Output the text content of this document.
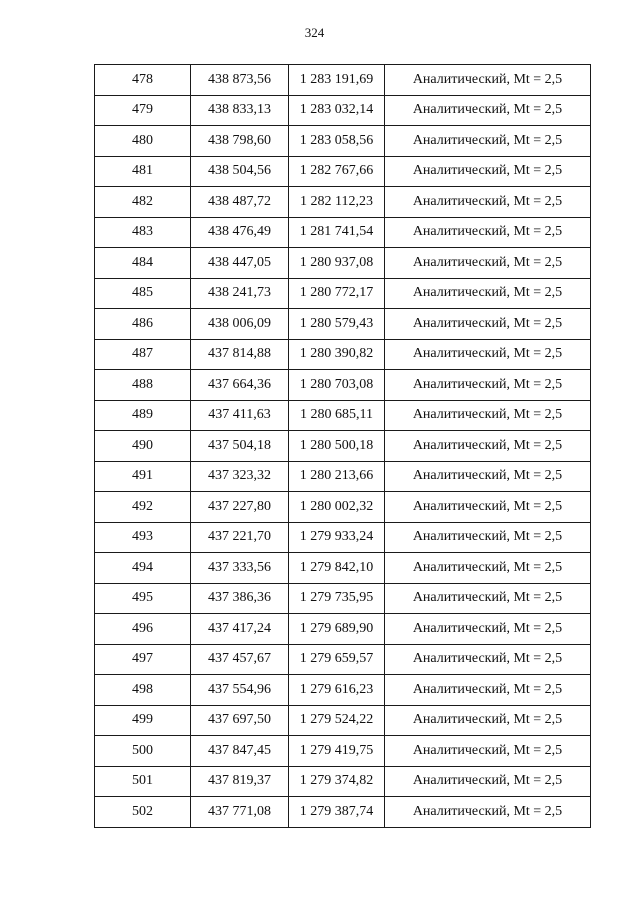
324
478	438 873,56	1 283 191,69	Аналитический, Mt = 2,5
479	438 833,13	1 283 032,14	Аналитический, Mt = 2,5
480	438 798,60	1 283 058,56	Аналитический, Mt = 2,5
481	438 504,56	1 282 767,66	Аналитический, Mt = 2,5
482	438 487,72	1 282 112,23	Аналитический, Mt = 2,5
483	438 476,49	1 281 741,54	Аналитический, Mt = 2,5
484	438 447,05	1 280 937,08	Аналитический, Mt = 2,5
485	438 241,73	1 280 772,17	Аналитический, Mt = 2,5
486	438 006,09	1 280 579,43	Аналитический, Mt = 2,5
487	437 814,88	1 280 390,82	Аналитический, Mt = 2,5
488	437 664,36	1 280 703,08	Аналитический, Mt = 2,5
489	437 411,63	1 280 685,11	Аналитический, Mt = 2,5
490	437 504,18	1 280 500,18	Аналитический, Mt = 2,5
491	437 323,32	1 280 213,66	Аналитический, Mt = 2,5
492	437 227,80	1 280 002,32	Аналитический, Mt = 2,5
493	437 221,70	1 279 933,24	Аналитический, Mt = 2,5
494	437 333,56	1 279 842,10	Аналитический, Mt = 2,5
495	437 386,36	1 279 735,95	Аналитический, Mt = 2,5
496	437 417,24	1 279 689,90	Аналитический, Mt = 2,5
497	437 457,67	1 279 659,57	Аналитический, Mt = 2,5
498	437 554,96	1 279 616,23	Аналитический, Mt = 2,5
499	437 697,50	1 279 524,22	Аналитический, Mt = 2,5
500	437 847,45	1 279 419,75	Аналитический, Mt = 2,5
501	437 819,37	1 279 374,82	Аналитический, Mt = 2,5
502	437 771,08	1 279 387,74	Аналитический, Mt = 2,5
